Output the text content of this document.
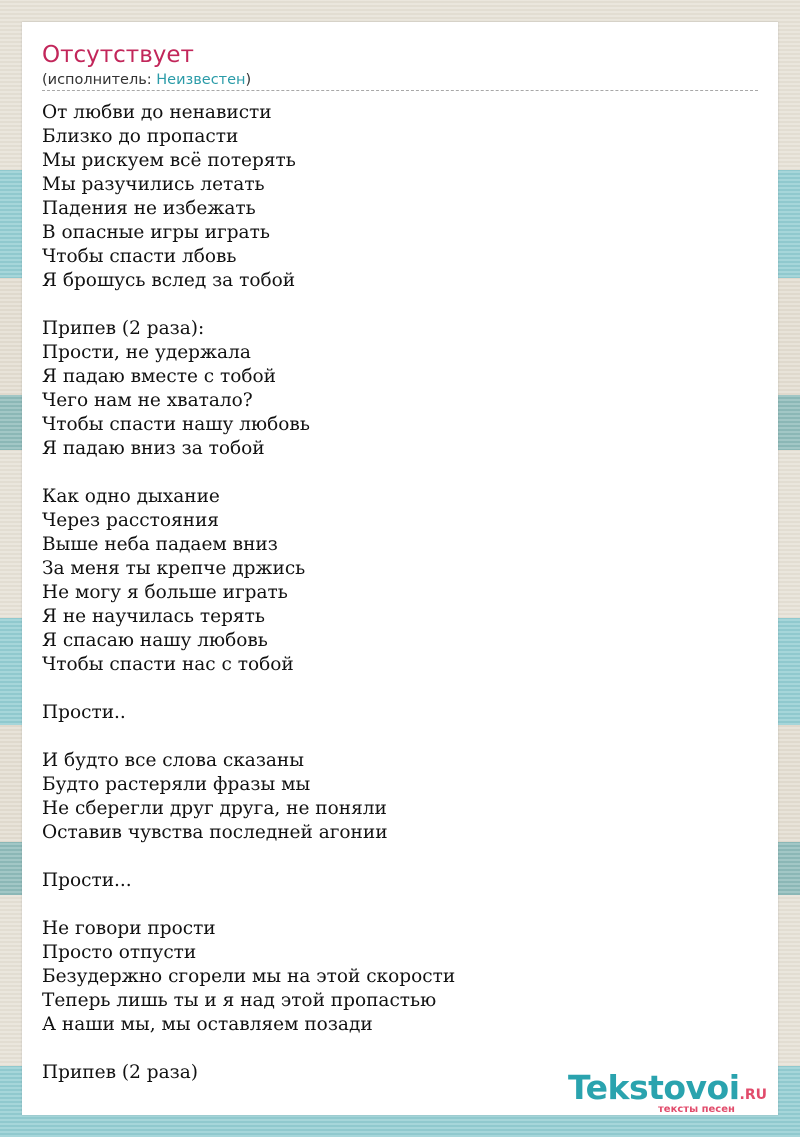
Отсутствует
(исполнитель: Неизвестен)
От любви до ненависти
Близко до пропасти
Мы рискуем всё потерять
Мы разучились летать
Падения не избежать
В опасные игры играть
Чтобы спасти лбовь
Я брошусь вслед за тобой
Припев (2 раза):
Прости, не удержала
Я падаю вместе с тобой
Чего нам не хватало?
Чтобы спасти нашу любовь
Я падаю вниз за тобой
Как одно дыхание
Через расстояния
Выше неба падаем вниз
За меня ты крепче држись
Не могу я больше играть
Я не научилась терять
Я спасаю нашу любовь
Чтобы спасти нас с тобой
Прости..
И будто все слова сказаны
Будто растеряли фразы мы
Не сберегли друг друга, не поняли
Оставив чувства последней агонии
Прости...
Не говори прости
Просто отпусти
Безудержно сгорели мы на этой скорости
Теперь лишь ты и я над этой пропастью
А наши мы, мы оставляем позади
Припев (2 раза)	Tekstovoi.RU
тексты песен
